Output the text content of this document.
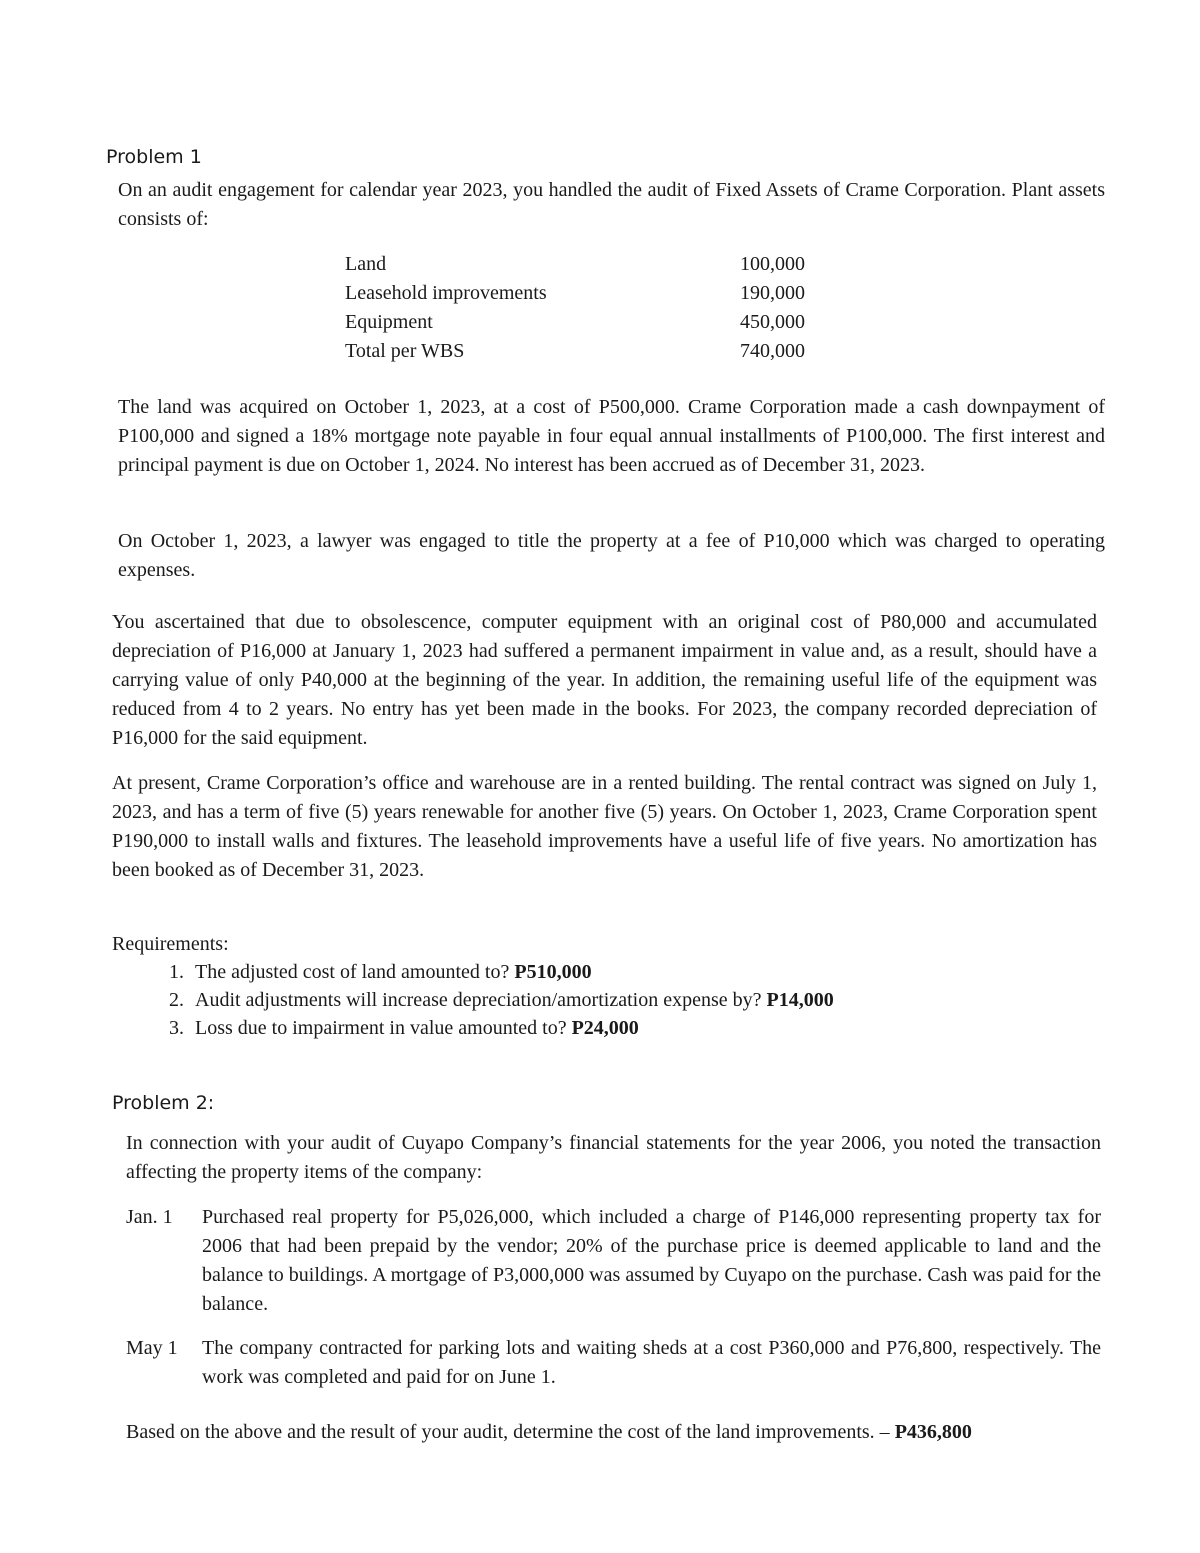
Problem 1

On an audit engagement for calendar year 2023, you handled the audit of Fixed Assets of Crame Corporation. Plant assets consists of:

Land	100,000
Leasehold improvements	190,000
Equipment	450,000
Total per WBS	740,000

The land was acquired on October 1, 2023, at a cost of P500,000. Crame Corporation made a cash downpayment of P100,000 and signed a 18% mortgage note payable in four equal annual installments of P100,000. The first interest and principal payment is due on October 1, 2024. No interest has been accrued as of December 31, 2023.

On October 1, 2023, a lawyer was engaged to title the property at a fee of P10,000 which was charged to operating expenses.

You ascertained that due to obsolescence, computer equipment with an original cost of P80,000 and accumulated depreciation of P16,000 at January 1, 2023 had suffered a permanent impairment in value and, as a result, should have a carrying value of only P40,000 at the beginning of the year. In addition, the remaining useful life of the equipment was reduced from 4 to 2 years. No entry has yet been made in the books. For 2023, the company recorded depreciation of P16,000 for the said equipment.

At present, Crame Corporation’s office and warehouse are in a rented building. The rental contract was signed on July 1, 2023, and has a term of five (5) years renewable for another five (5) years. On October 1, 2023, Crame Corporation spent P190,000 to install walls and fixtures. The leasehold improvements have a useful life of five years. No amortization has been booked as of December 31, 2023.

Requirements:
1. The adjusted cost of land amounted to? P510,000
2. Audit adjustments will increase depreciation/amortization expense by? P14,000
3. Loss due to impairment in value amounted to? P24,000
Problem 2:

In connection with your audit of Cuyapo Company’s financial statements for the year 2006, you noted the transaction affecting the property items of the company:

Jan. 1	Purchased real property for P5,026,000, which included a charge of P146,000 representing property tax for 2006 that had been prepaid by the vendor; 20% of the purchase price is deemed applicable to land and the balance to buildings. A mortgage of P3,000,000 was assumed by Cuyapo on the purchase. Cash was paid for the balance.
May 1	The company contracted for parking lots and waiting sheds at a cost P360,000 and P76,800, respectively. The work was completed and paid for on June 1.
Based on the above and the result of your audit, determine the cost of the land improvements. – P436,800
